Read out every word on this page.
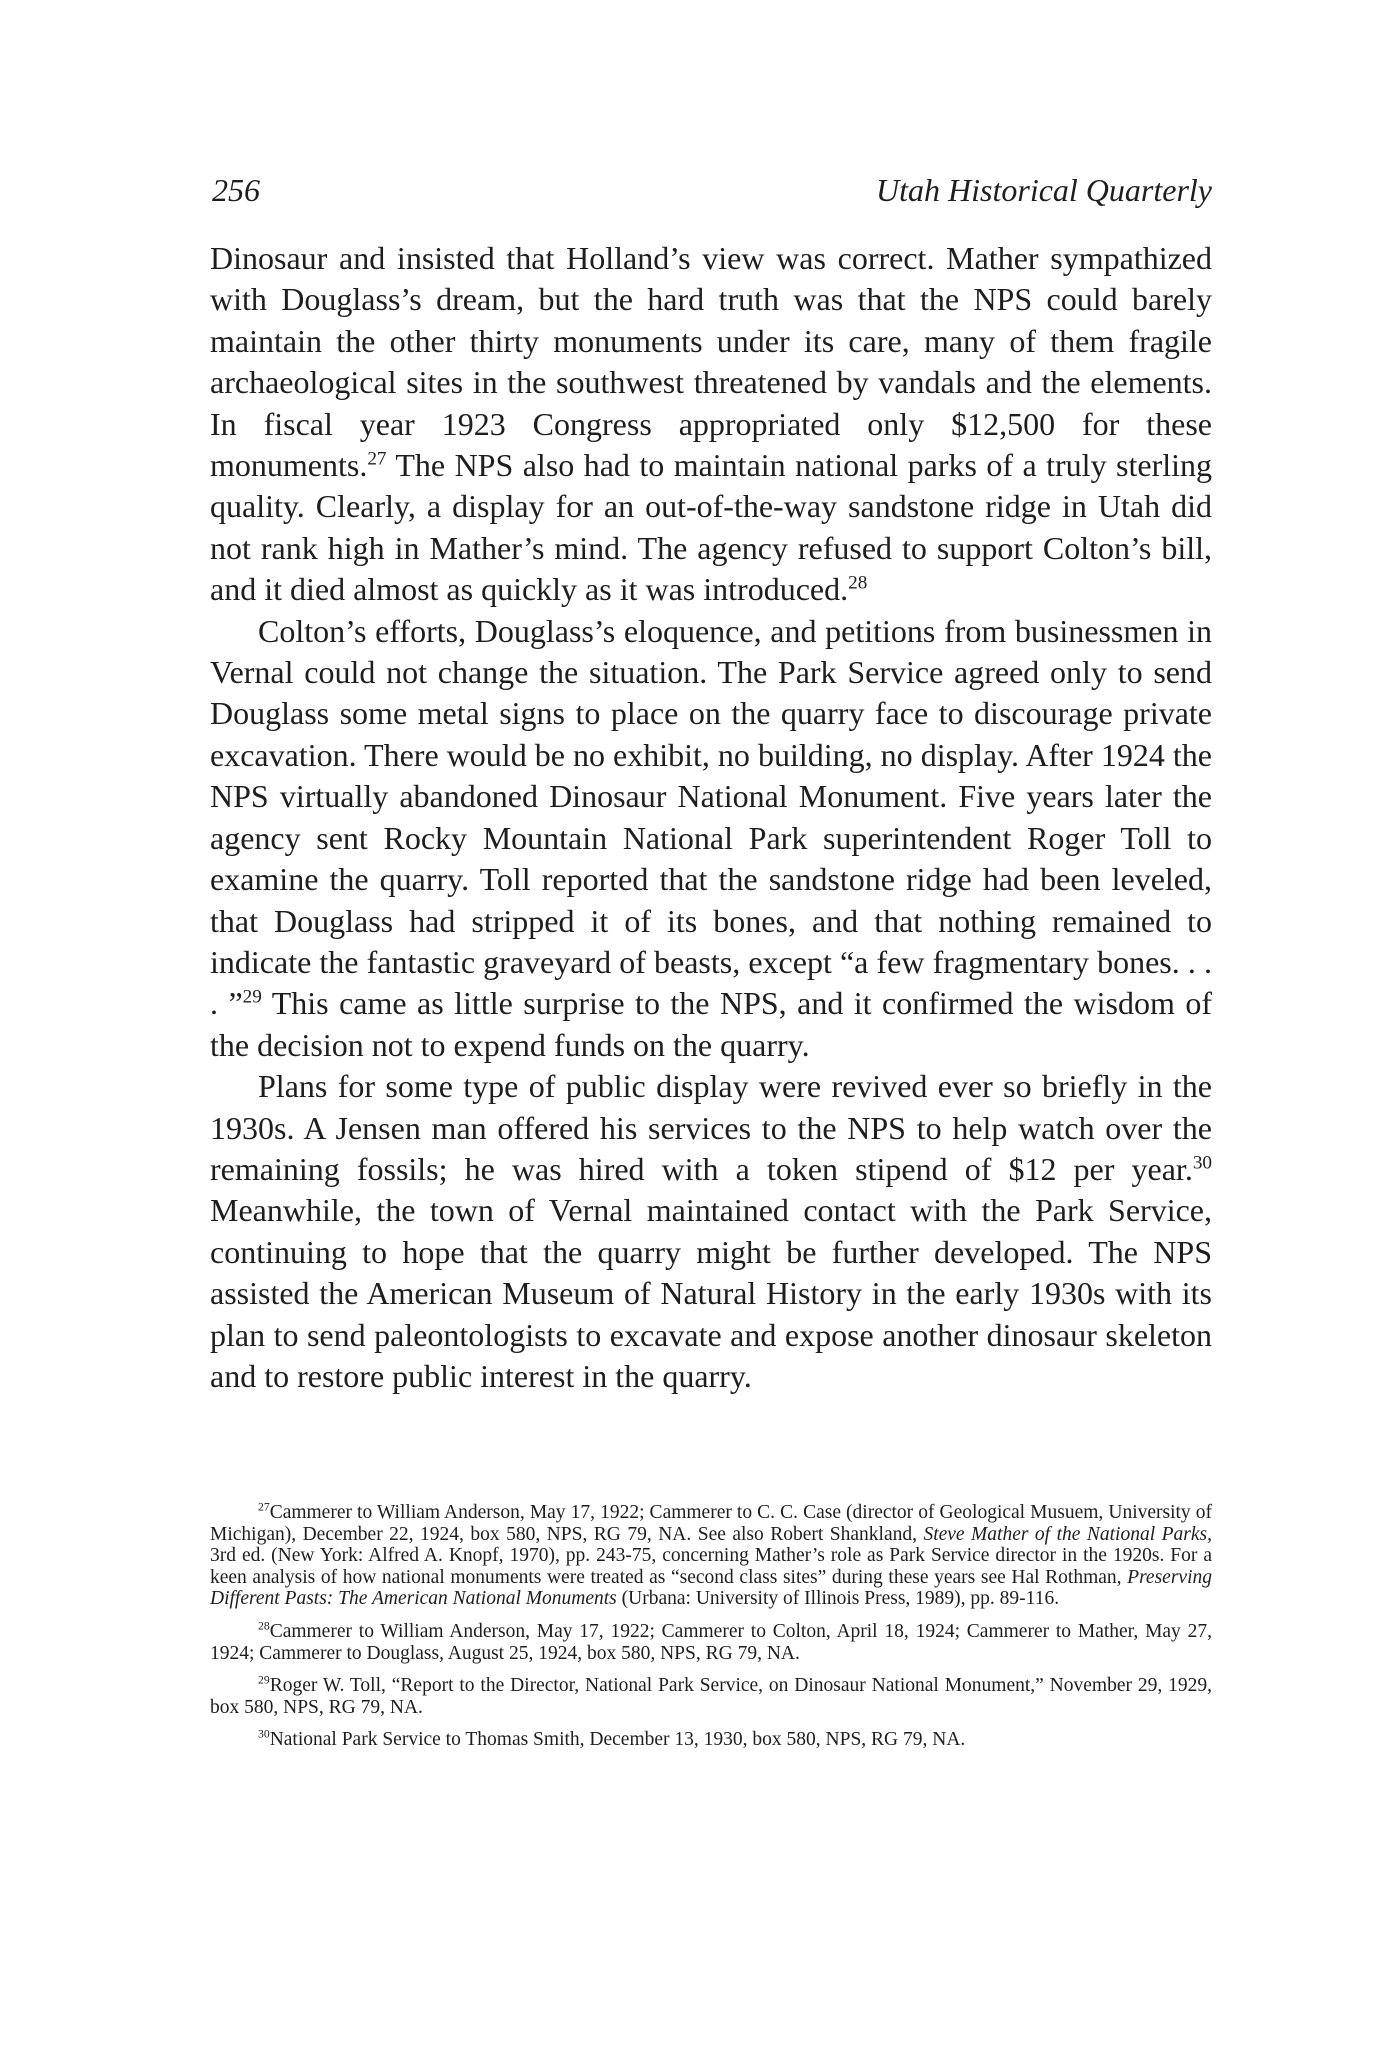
256	Utah Historical Quarterly

Dinosaur and insisted that Holland’s view was correct. Mather sympathized with Douglass’s dream, but the hard truth was that the NPS could barely maintain the other thirty monuments under its care, many of them fragile archaeological sites in the southwest threatened by vandals and the elements. In fiscal year 1923 Congress appropriated only $12,500 for these monuments.$^{27}$ The NPS also had to maintain national parks of a truly sterling quality. Clearly, a display for an out-of-the-way sandstone ridge in Utah did not rank high in Mather’s mind. The agency refused to support Colton’s bill, and it died almost as quickly as it was introduced.$^{28}$

Colton’s efforts, Douglass’s eloquence, and petitions from businessmen in Vernal could not change the situation. The Park Service agreed only to send Douglass some metal signs to place on the quarry face to discourage private excavation. There would be no exhibit, no building, no display. After 1924 the NPS virtually abandoned Dinosaur National Monument. Five years later the agency sent Rocky Mountain National Park superintendent Roger Toll to examine the quarry. Toll reported that the sandstone ridge had been leveled, that Douglass had stripped it of its bones, and that nothing remained to indicate the fantastic graveyard of beasts, except “a few fragmentary bones. . . . ”$^{29}$ This came as little surprise to the NPS, and it confirmed the wisdom of the decision not to expend funds on the quarry.

Plans for some type of public display were revived ever so briefly in the 1930s. A Jensen man offered his services to the NPS to help watch over the remaining fossils; he was hired with a token stipend of $12 per year.$^{30}$ Meanwhile, the town of Vernal maintained contact with the Park Service, continuing to hope that the quarry might be further developed. The NPS assisted the American Museum of Natural History in the early 1930s with its plan to send paleontologists to excavate and expose another dinosaur skeleton and to restore public interest in the quarry.

$^{27}$Cammerer to William Anderson, May 17, 1922; Cammerer to C. C. Case (director of Geological Musuem, University of Michigan), December 22, 1924, box 580, NPS, RG 79, NA. See also Robert Shankland, Steve Mather of the National Parks, 3rd ed. (New York: Alfred A. Knopf, 1970), pp. 243-75, concerning Mather’s role as Park Service director in the 1920s. For a keen analysis of how national monuments were treated as “second class sites” during these years see Hal Rothman, Preserving Different Pasts: The American National Monuments (Urbana: University of Illinois Press, 1989), pp. 89-116.

$^{28}$Cammerer to William Anderson, May 17, 1922; Cammerer to Colton, April 18, 1924; Cammerer to Mather, May 27, 1924; Cammerer to Douglass, August 25, 1924, box 580, NPS, RG 79, NA.

$^{29}$Roger W. Toll, “Report to the Director, National Park Service, on Dinosaur National Monument,” November 29, 1929, box 580, NPS, RG 79, NA.

$^{30}$National Park Service to Thomas Smith, December 13, 1930, box 580, NPS, RG 79, NA.
